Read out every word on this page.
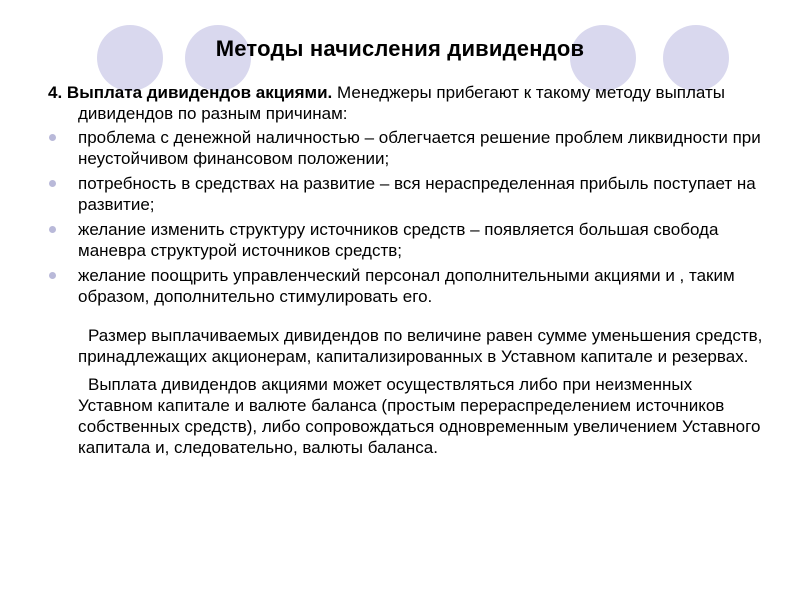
Методы начисления дивидендов

4. Выплата дивидендов акциями. Менеджеры прибегают к такому методу выплаты дивидендов по разным причинам:

проблема с денежной наличностью – облегчается решение проблем ликвидности при неустойчивом финансовом положении;
потребность в средствах на развитие – вся нераспределенная прибыль поступает на развитие;
желание изменить структуру источников средств – появляется большая свобода маневра структурой источников средств;
желание поощрить управленческий персонал дополнительными акциями и , таким образом, дополнительно стимулировать его.

Размер выплачиваемых дивидендов по величине равен сумме уменьшения средств, принадлежащих акционерам, капитализированных в Уставном капитале и резервах.

Выплата дивидендов акциями может осуществляться либо при неизменных Уставном капитале и валюте баланса (простым перераспределением источников собственных средств), либо сопровождаться одновременным увеличением Уставного капитала и, следовательно, валюты баланса.
